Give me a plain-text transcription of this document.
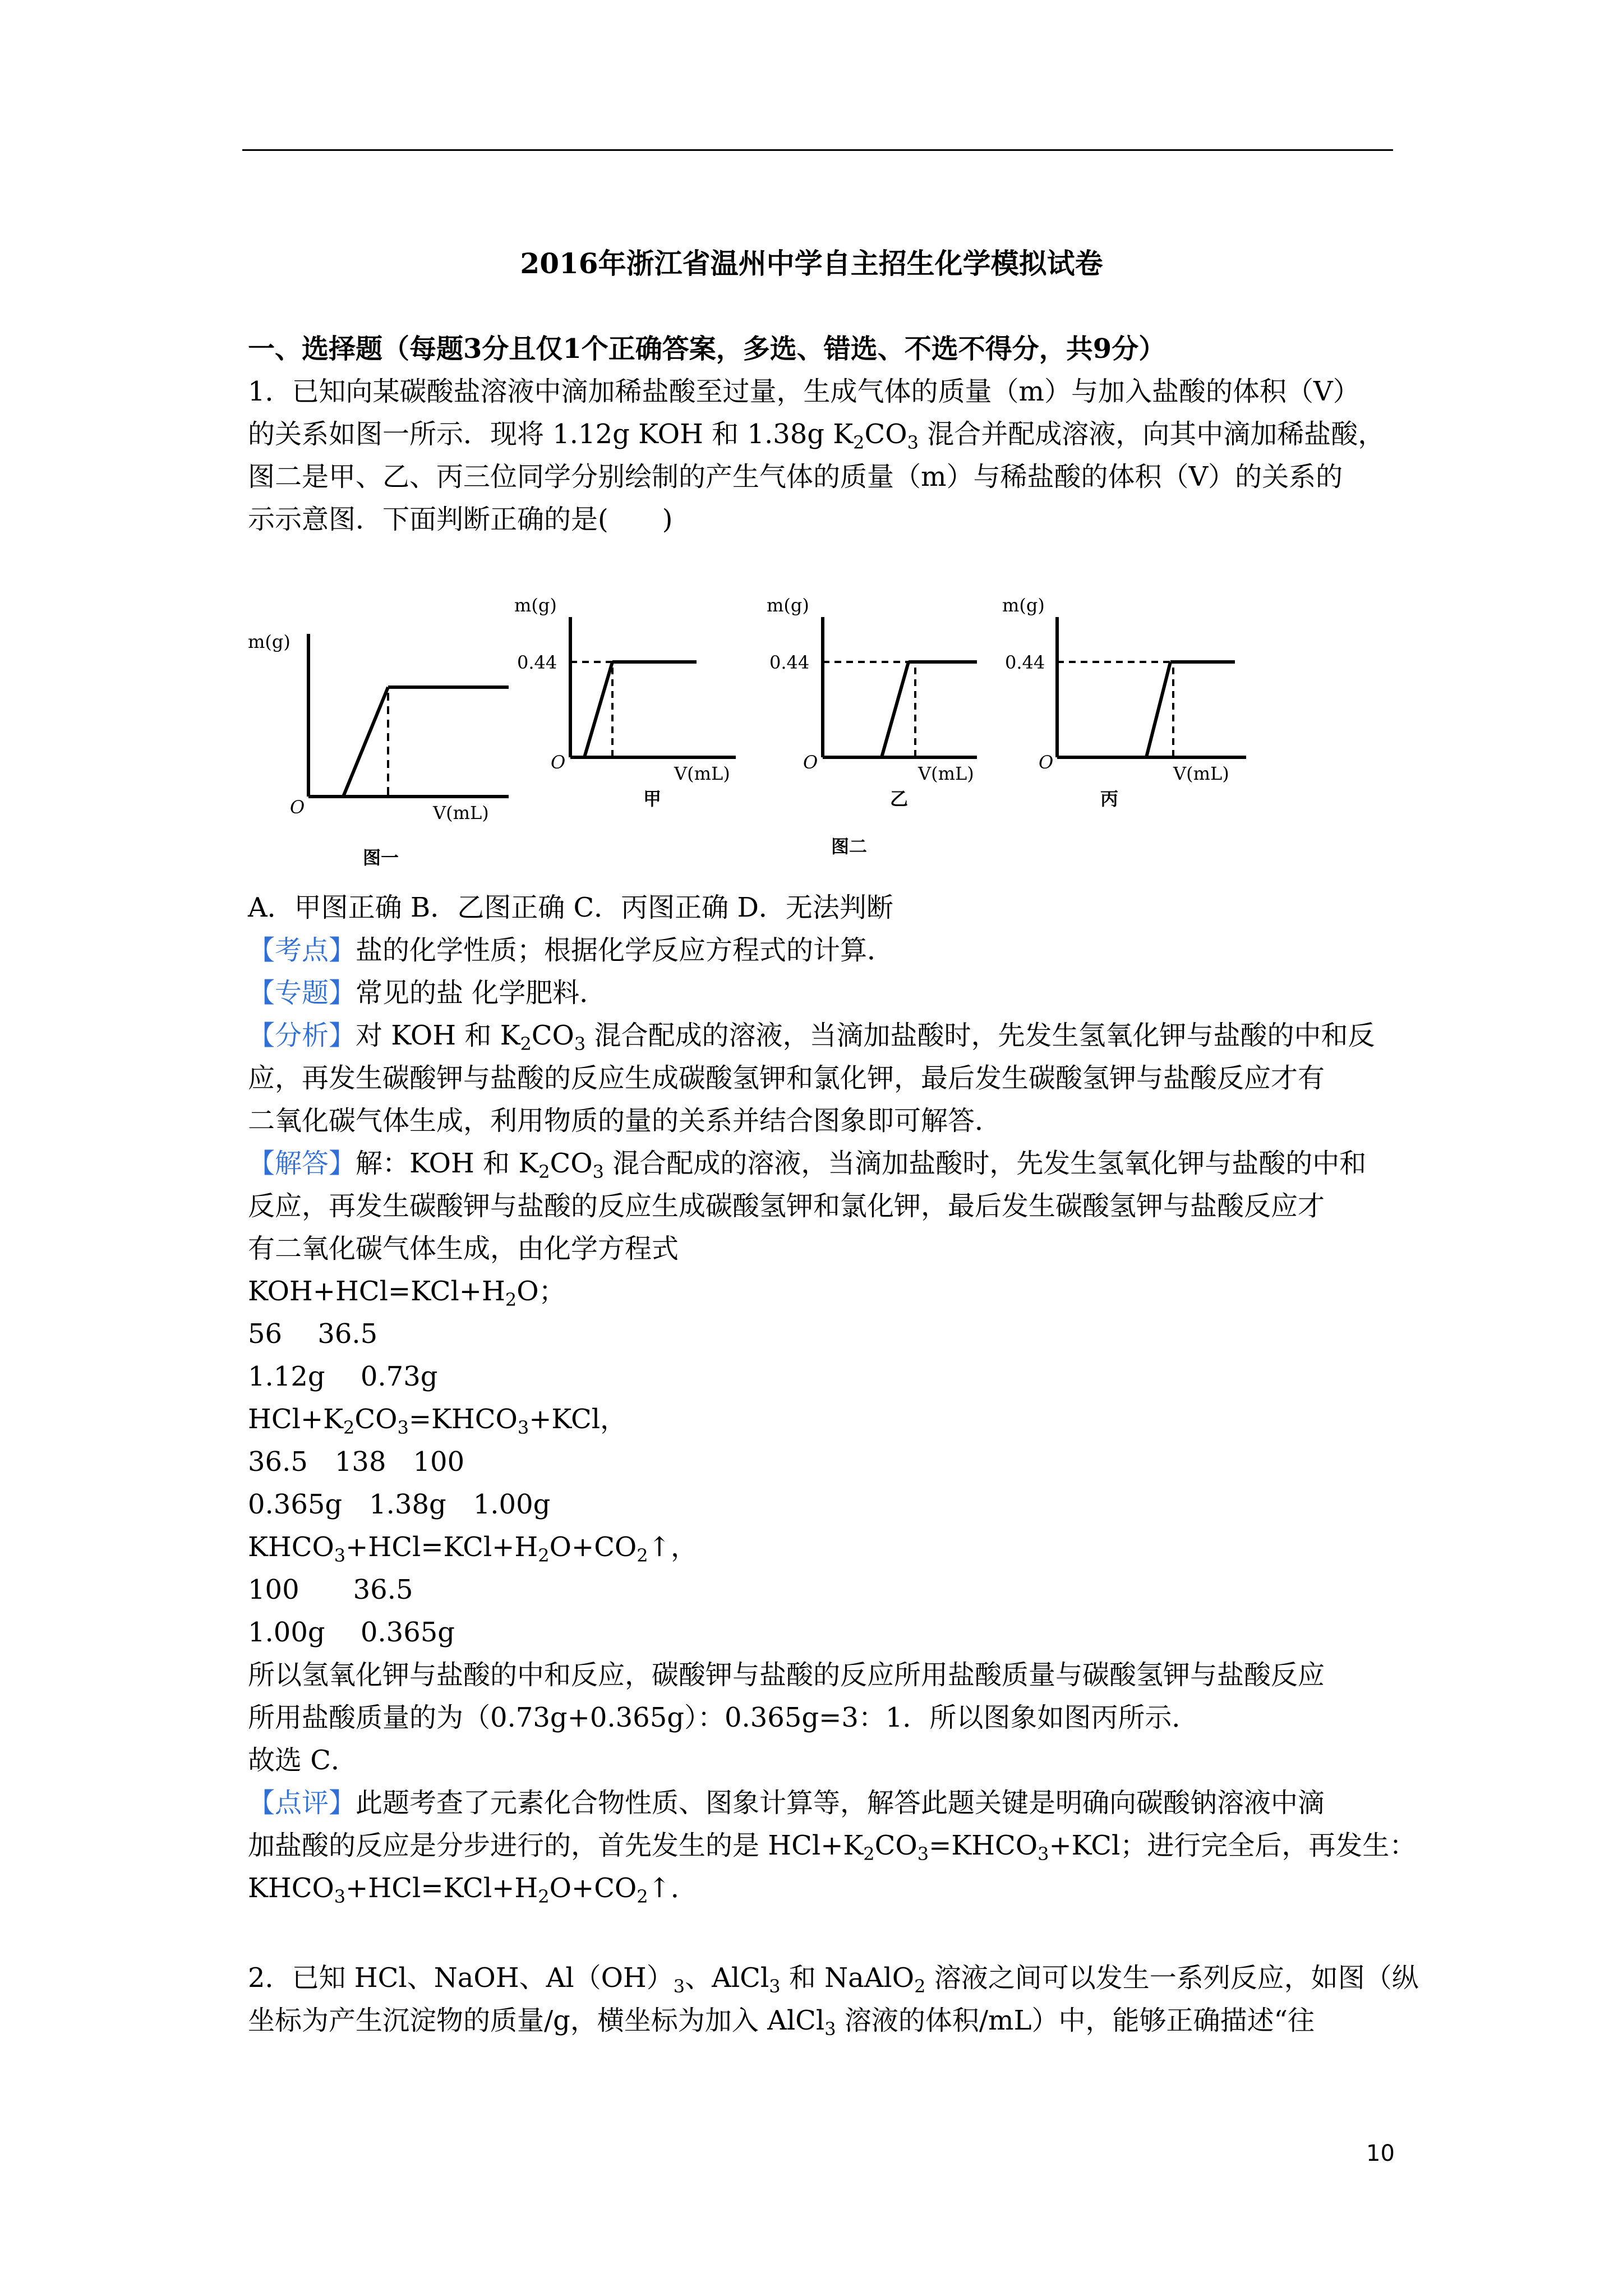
2016年浙江省温州中学自主招生化学模拟试卷
一、选择题（每题3分且仅1个正确答案，多选、错选、不选不得分，共9分）
1．已知向某碳酸盐溶液中滴加稀盐酸至过量，生成气体的质量（m）与加入盐酸的体积（V）
的关系如图一所示．现将 1.12g KOH 和 1.38g $K_2CO_3$ 混合并配成溶液，向其中滴加稀盐酸，
图二是甲、乙、丙三位同学分别绘制的产生气体的质量（m）与稀盐酸的体积（V）的关系的
示示意图．下面判断正确的是(　　)
m(g)
O	V(mL)
图一
m(g)
0.44
O
V(mL)
甲
m(g)
0.44
O
V(mL)
乙
m(g)
0.44
O
V(mL)
丙
图二
A．甲图正确 B．乙图正确 C．丙图正确 D．无法判断
【考点】盐的化学性质；根据化学反应方程式的计算．
【专题】常见的盐 化学肥料．
【分析】对 KOH 和 $K_2CO_3$ 混合配成的溶液，当滴加盐酸时，先发生氢氧化钾与盐酸的中和反
应，再发生碳酸钾与盐酸的反应生成碳酸氢钾和氯化钾，最后发生碳酸氢钾与盐酸反应才有
二氧化碳气体生成，利用物质的量的关系并结合图象即可解答．
【解答】解：KOH 和 $K_2CO_3$ 混合配成的溶液，当滴加盐酸时，先发生氢氧化钾与盐酸的中和
反应，再发生碳酸钾与盐酸的反应生成碳酸氢钾和氯化钾，最后发生碳酸氢钾与盐酸反应才
有二氧化碳气体生成，由化学方程式
$KOH+HCl=KCl+H_2O$；
56　 36.5
1.12g　 0.73g
$HCl+K_2CO_3=KHCO_3+KCl$，
36.5　138　100
0.365g　1.38g　1.00g
$KHCO_3+HCl=KCl+H_2O+CO_2↑$，
100　　36.5
1.00g　 0.365g
所以氢氧化钾与盐酸的中和反应，碳酸钾与盐酸的反应所用盐酸质量与碳酸氢钾与盐酸反应
所用盐酸质量的为（0.73g+0.365g）：0.365g=3：1．所以图象如图丙所示．
故选 C．
【点评】此题考查了元素化合物性质、图象计算等，解答此题关键是明确向碳酸钠溶液中滴
加盐酸的反应是分步进行的，首先发生的是 $HCl+K_2CO_3=KHCO_3+KCl$；进行完全后，再发生：
$KHCO_3+HCl=KCl+H_2O+CO_2↑$．
2．已知 HCl、NaOH、$Al(OH)_3$、AlCl$_3$ 和 NaAlO$_2$ 溶液之间可以发生一系列反应，如图（纵
坐标为产生沉淀物的质量/g，横坐标为加入 AlCl$_3$ 溶液的体积/mL）中，能够正确描述“往
10
